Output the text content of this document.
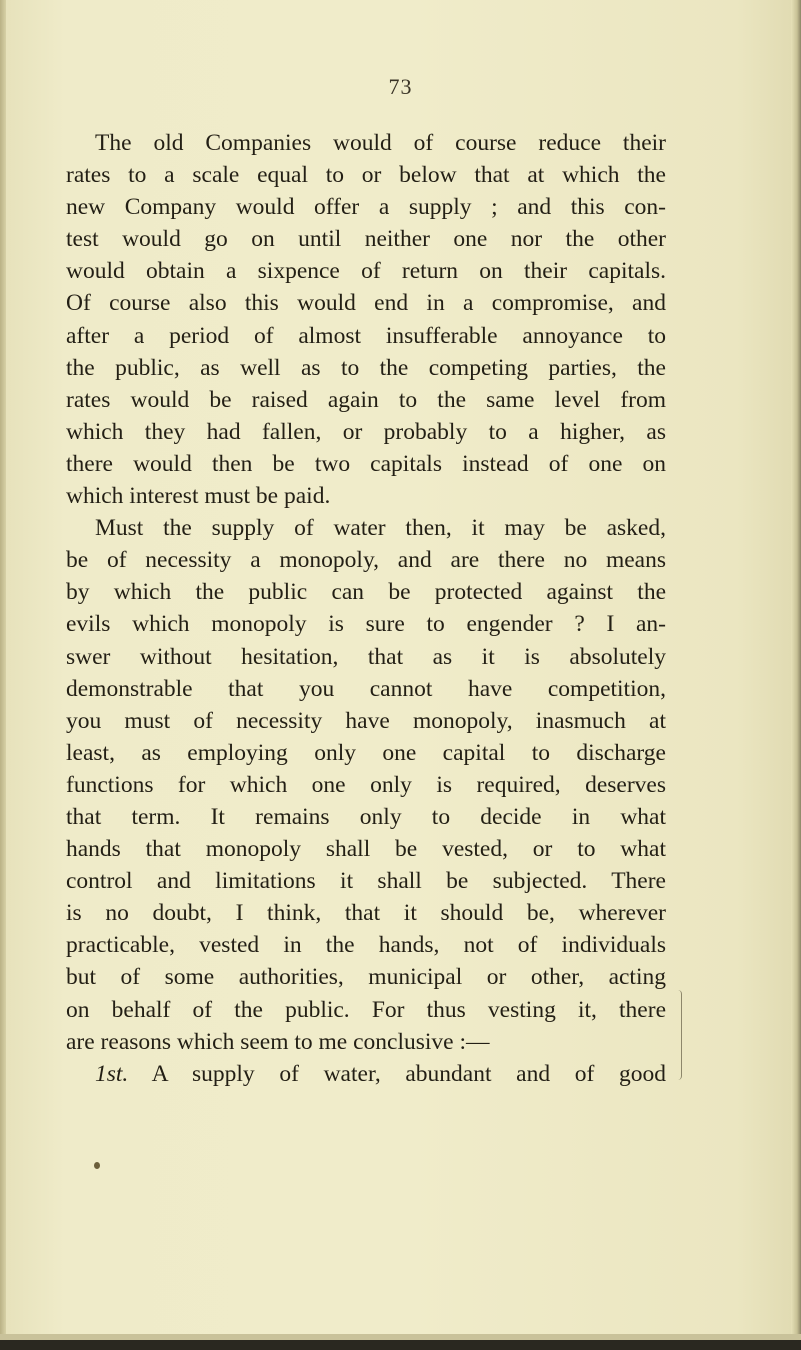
73

The old Companies would of course reduce their
rates to a scale equal to or below that at which the
new Company would offer a supply ; and this con-
test would go on until neither one nor the other
would obtain a sixpence of return on their capitals.
Of course also this would end in a compromise, and
after a period of almost insufferable annoyance to
the public, as well as to the competing parties, the
rates would be raised again to the same level from
which they had fallen, or probably to a higher, as
there would then be two capitals instead of one on
which interest must be paid.

Must the supply of water then, it may be asked,
be of necessity a monopoly, and are there no means
by which the public can be protected against the
evils which monopoly is sure to engender ? I an-
swer without hesitation, that as it is absolutely
demonstrable that you cannot have competition,
you must of necessity have monopoly, inasmuch at
least, as employing only one capital to discharge
functions for which one only is required, deserves
that term. It remains only to decide in what
hands that monopoly shall be vested, or to what
control and limitations it shall be subjected. There
is no doubt, I think, that it should be, wherever
practicable, vested in the hands, not of individuals
but of some authorities, municipal or other, acting
on behalf of the public. For thus vesting it, there
are reasons which seem to me conclusive :—

1st. A supply of water, abundant and of good
